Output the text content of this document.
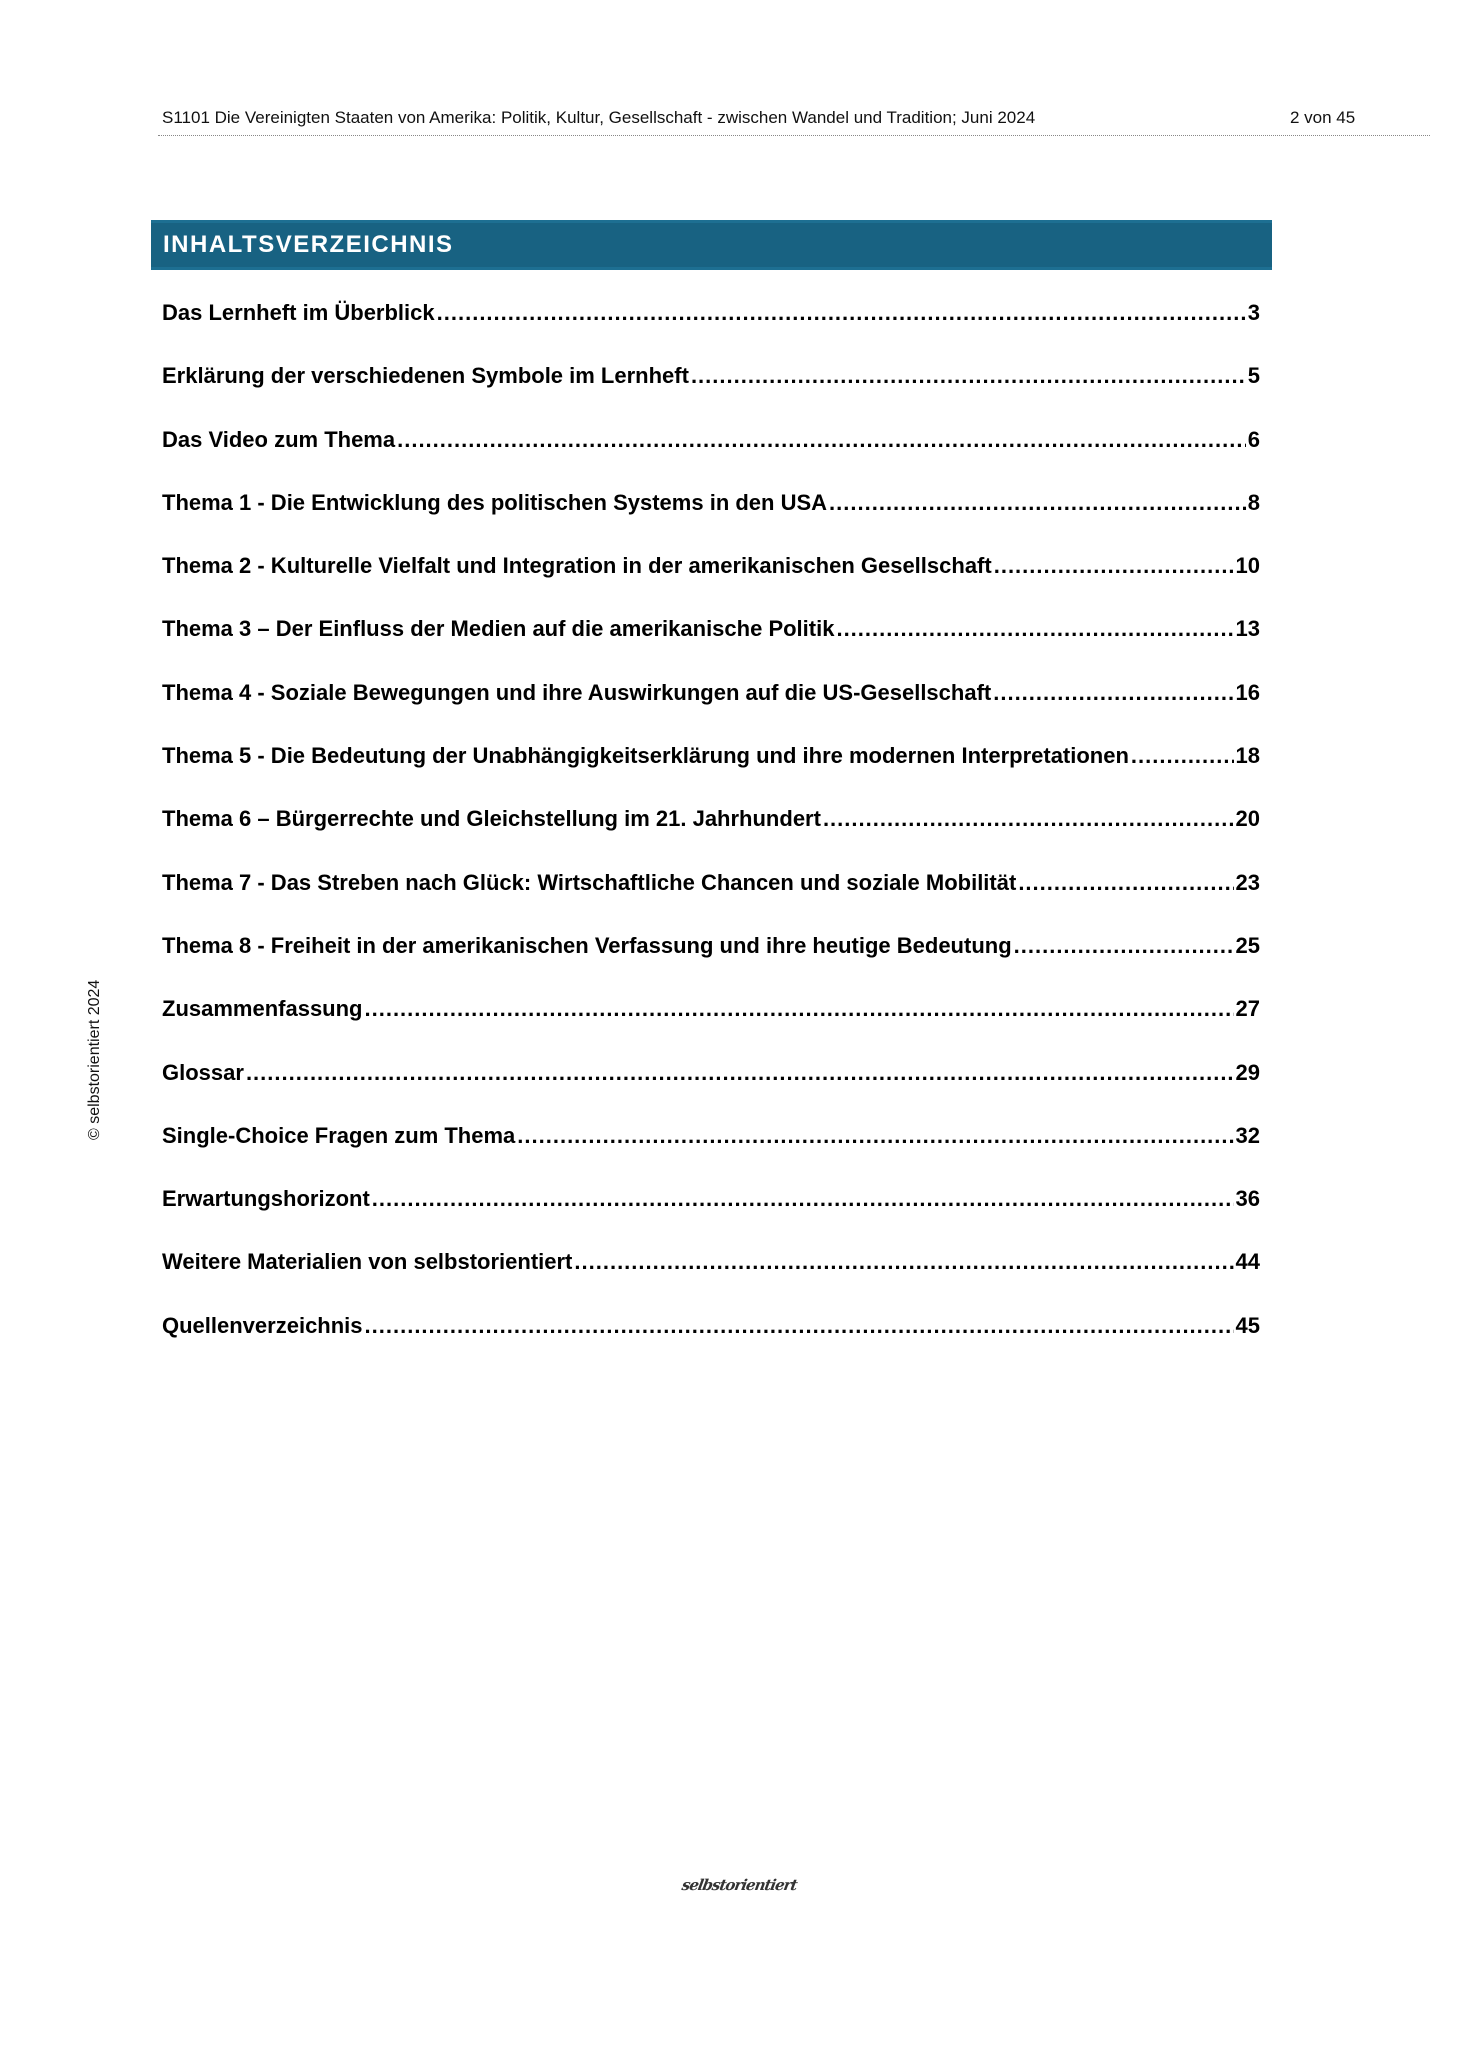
S1101 Die Vereinigten Staaten von Amerika: Politik, Kultur, Gesellschaft - zwischen Wandel und Tradition; Juni 2024	2 von 45
INHALTSVERZEICHNIS
Das Lernheft im Überblick .....	3
Erklärung der verschiedenen Symbole im Lernheft .....	5
Das Video zum Thema .....	6
Thema 1 - Die Entwicklung des politischen Systems in den USA .....	8
Thema 2 - Kulturelle Vielfalt und Integration in der amerikanischen Gesellschaft .....	10
Thema 3 – Der Einfluss der Medien auf die amerikanische Politik .....	13
Thema 4 - Soziale Bewegungen und ihre Auswirkungen auf die US-Gesellschaft .....	16
Thema 5 - Die Bedeutung der Unabhängigkeitserklärung und ihre modernen Interpretationen .....	18
Thema 6 – Bürgerrechte und Gleichstellung im 21. Jahrhundert .....	20
Thema 7 - Das Streben nach Glück: Wirtschaftliche Chancen und soziale Mobilität .....	23
Thema 8 - Freiheit in der amerikanischen Verfassung und ihre heutige Bedeutung .....	25
Zusammenfassung .....	27
Glossar .....	29
Single-Choice Fragen zum Thema .....	32
Erwartungshorizont .....	36
Weitere Materialien von selbstorientiert .....	44
Quellenverzeichnis .....	45
© selbstorientiert 2024
selbstorientiert
